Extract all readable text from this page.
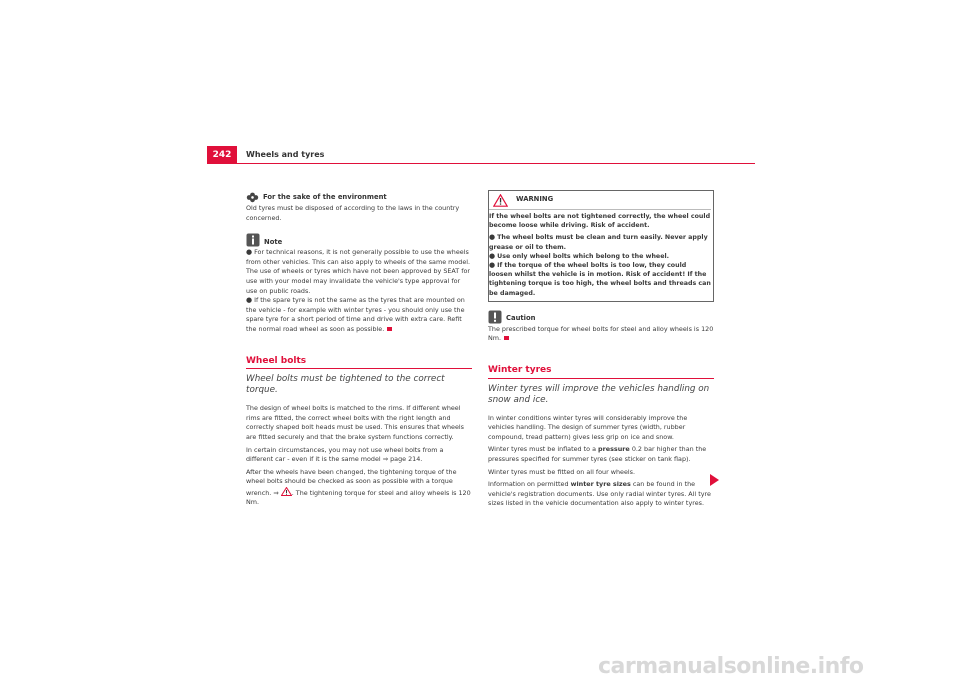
242	Wheels and tyres
For the sake of the environment

Old tyres must be disposed of according to the laws in the country concerned.

Note

● For technical reasons, it is not generally possible to use the wheels from other vehicles. This can also apply to wheels of the same model. The use of wheels or tyres which have not been approved by SEAT for use with your model may invalidate the vehicle's type approval for use on public roads.

● If the spare tyre is not the same as the tyres that are mounted on the vehicle - for example with winter tyres - you should only use the spare tyre for a short period of time and drive with extra care. Refit the normal road wheel as soon as possible.

Wheel bolts
Wheel bolts must be tightened to the correct torque.

The design of wheel bolts is matched to the rims. If different wheel rims are fitted, the correct wheel bolts with the right length and correctly shaped bolt heads must be used. This ensures that wheels are fitted securely and that the brake system functions correctly.

In certain circumstances, you may not use wheel bolts from a different car - even if it is the same model ⇒ page 214.

After the wheels have been changed, the tightening torque of the wheel bolts should be checked as soon as possible with a torque wrench. ⇒ . The tightening torque for steel and alloy wheels is 120 Nm.

WARNING

If the wheel bolts are not tightened correctly, the wheel could become loose while driving. Risk of accident.

● The wheel bolts must be clean and turn easily. Never apply grease or oil to them.

● Use only wheel bolts which belong to the wheel.

● If the torque of the wheel bolts is too low, they could loosen whilst the vehicle is in motion. Risk of accident! If the tightening torque is too high, the wheel bolts and threads can be damaged.

Caution

The prescribed torque for wheel bolts for steel and alloy wheels is 120 Nm.

Winter tyres
Winter tyres will improve the vehicles handling on snow and ice.

In winter conditions winter tyres will considerably improve the vehicles handling. The design of summer tyres (width, rubber compound, tread pattern) gives less grip on ice and snow.

Winter tyres must be inflated to a pressure 0.2 bar higher than the pressures specified for summer tyres (see sticker on tank flap).

Winter tyres must be fitted on all four wheels.

Information on permitted winter tyre sizes can be found in the vehicle's registration documents. Use only radial winter tyres. All tyre sizes listed in the vehicle documentation also apply to winter tyres.

carmanualsonline.info
